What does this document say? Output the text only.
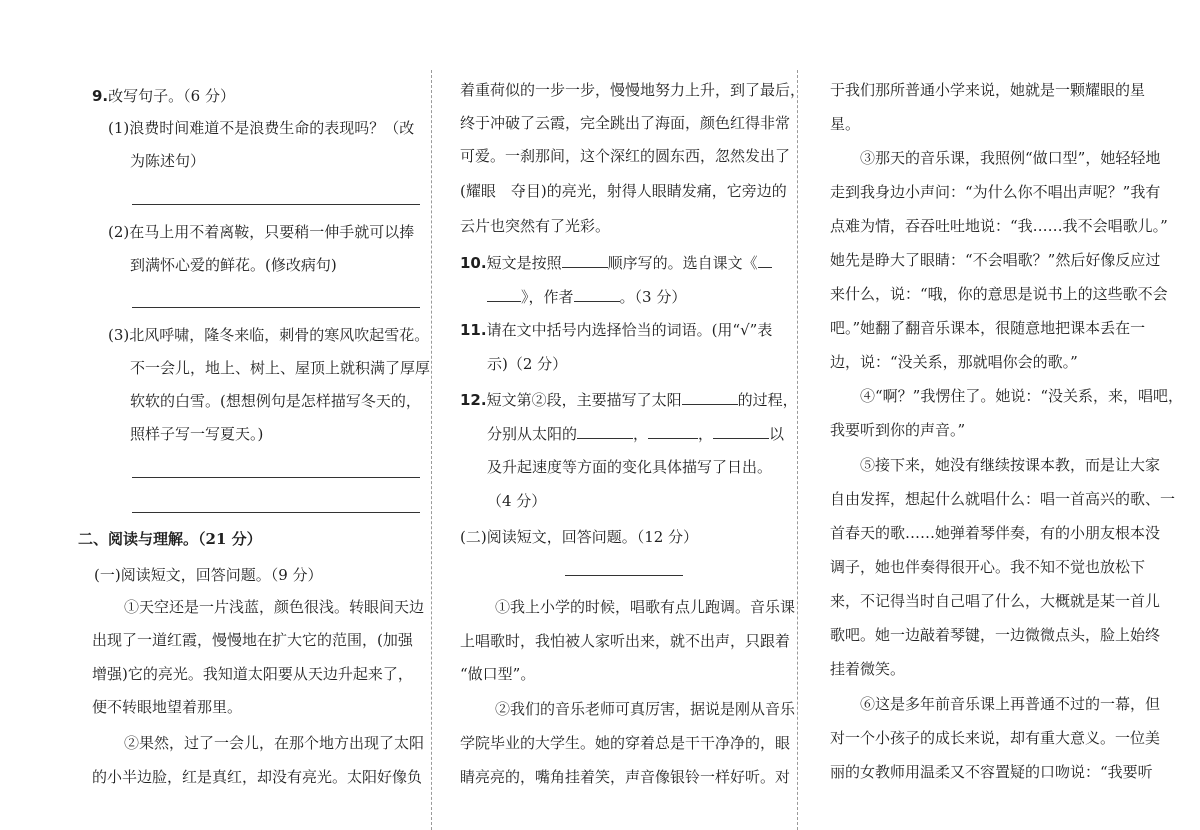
9.改写句子。（6 分）
(1)浪费时间难道不是浪费生命的表现吗？（改
为陈述句）
(2)在马上用不着离鞍，只要稍一伸手就可以捧
到满怀心爱的鲜花。(修改病句)
(3)北风呼啸，隆冬来临，刺骨的寒风吹起雪花。
不一会儿，地上、树上、屋顶上就积满了厚厚
软软的白雪。(想想例句是怎样描写冬天的，
照样子写一写夏天。)
二、阅读与理解。（21 分）
(一)阅读短文，回答问题。（9 分）
①天空还是一片浅蓝，颜色很浅。转眼间天边
出现了一道红霞，慢慢地在扩大它的范围，(加强
增强)它的亮光。我知道太阳要从天边升起来了，
便不转眼地望着那里。
②果然，过了一会儿，在那个地方出现了太阳
的小半边脸，红是真红，却没有亮光。太阳好像负
着重荷似的一步一步，慢慢地努力上升，到了最后，
终于冲破了云霞，完全跳出了海面，颜色红得非常
可爱。一刹那间，这个深红的圆东西，忽然发出了
(耀眼　夺目)的亮光，射得人眼睛发痛，它旁边的
云片也突然有了光彩。
10.短文是按照	顺序写的。选自课文《
》，作者	。（3 分）
11.请在文中括号内选择恰当的词语。(用“√”表
示)（2 分）
12.短文第②段，主要描写了太阳	的过程，
分别从太阳的	，	，	以
及升起速度等方面的变化具体描写了日出。
（4 分）
(二)阅读短文，回答问题。（12 分）
①我上小学的时候，唱歌有点儿跑调。音乐课
上唱歌时，我怕被人家听出来，就不出声，只跟着
“做口型”。
②我们的音乐老师可真厉害，据说是刚从音乐
学院毕业的大学生。她的穿着总是干干净净的，眼
睛亮亮的，嘴角挂着笑，声音像银铃一样好听。对
于我们那所普通小学来说，她就是一颗耀眼的星
星。
③那天的音乐课，我照例“做口型”，她轻轻地
走到我身边小声问：“为什么你不唱出声呢？”我有
点难为情，吞吞吐吐地说：“我……我不会唱歌儿。”
她先是睁大了眼睛：“不会唱歌？”然后好像反应过
来什么，说：“哦，你的意思是说书上的这些歌不会
吧。”她翻了翻音乐课本，很随意地把课本丢在一
边，说：“没关系，那就唱你会的歌。”
④“啊？”我愣住了。她说：“没关系，来，唱吧，
我要听到你的声音。”
⑤接下来，她没有继续按课本教，而是让大家
自由发挥，想起什么就唱什么：唱一首高兴的歌、一
首春天的歌……她弹着琴伴奏，有的小朋友根本没
调子，她也伴奏得很开心。我不知不觉也放松下
来，不记得当时自己唱了什么，大概就是某一首儿
歌吧。她一边敲着琴键，一边微微点头，脸上始终
挂着微笑。
⑥这是多年前音乐课上再普通不过的一幕，但
对一个小孩子的成长来说，却有重大意义。一位美
丽的女教师用温柔又不容置疑的口吻说：“我要听
